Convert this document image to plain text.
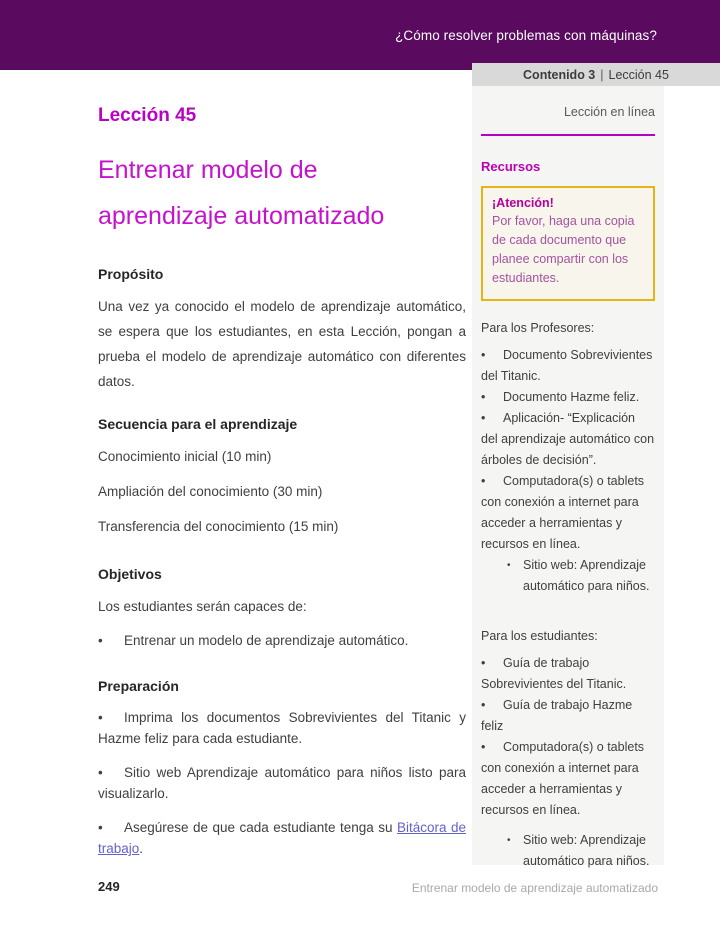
¿Cómo resolver problemas con máquinas?
Contenido 3 | Lección 45
Lección en línea
Recursos
¡Atención!
Por favor, haga una copia de cada documento que planee compartir con los estudiantes.
Para los Profesores:
• Documento Sobrevivientes del Titanic.
• Documento Hazme feliz.
• Aplicación- “Explicación del aprendizaje automático con árboles de decisión”.
• Computadora(s) o tablets con conexión a internet para acceder a herramientas y recursos en línea.
• Sitio web: Aprendizaje automático para niños.
Para los estudiantes:
• Guía de trabajo Sobrevivientes del Titanic.
• Guía de trabajo Hazme feliz
• Computadora(s) o tablets con conexión a internet para acceder a herramientas y recursos en línea.
• Sitio web: Aprendizaje automático para niños.
Lección 45
Entrenar modelo de
aprendizaje automatizado
Propósito
Una vez ya conocido el modelo de aprendizaje automático, se espera que los estudiantes, en esta Lección, pongan a prueba el modelo de aprendizaje automático con diferentes datos.
Secuencia para el aprendizaje
Conocimiento inicial (10 min)
Ampliación del conocimiento (30 min)
Transferencia del conocimiento (15 min)
Objetivos
Los estudiantes serán capaces de:
• Entrenar un modelo de aprendizaje automático.
Preparación
• Imprima los documentos Sobrevivientes del Titanic y Hazme feliz para cada estudiante.
• Sitio web Aprendizaje automático para niños listo para visualizarlo.
• Asegúrese de que cada estudiante tenga su Bitácora de trabajo.
249	Entrenar modelo de aprendizaje automatizado
